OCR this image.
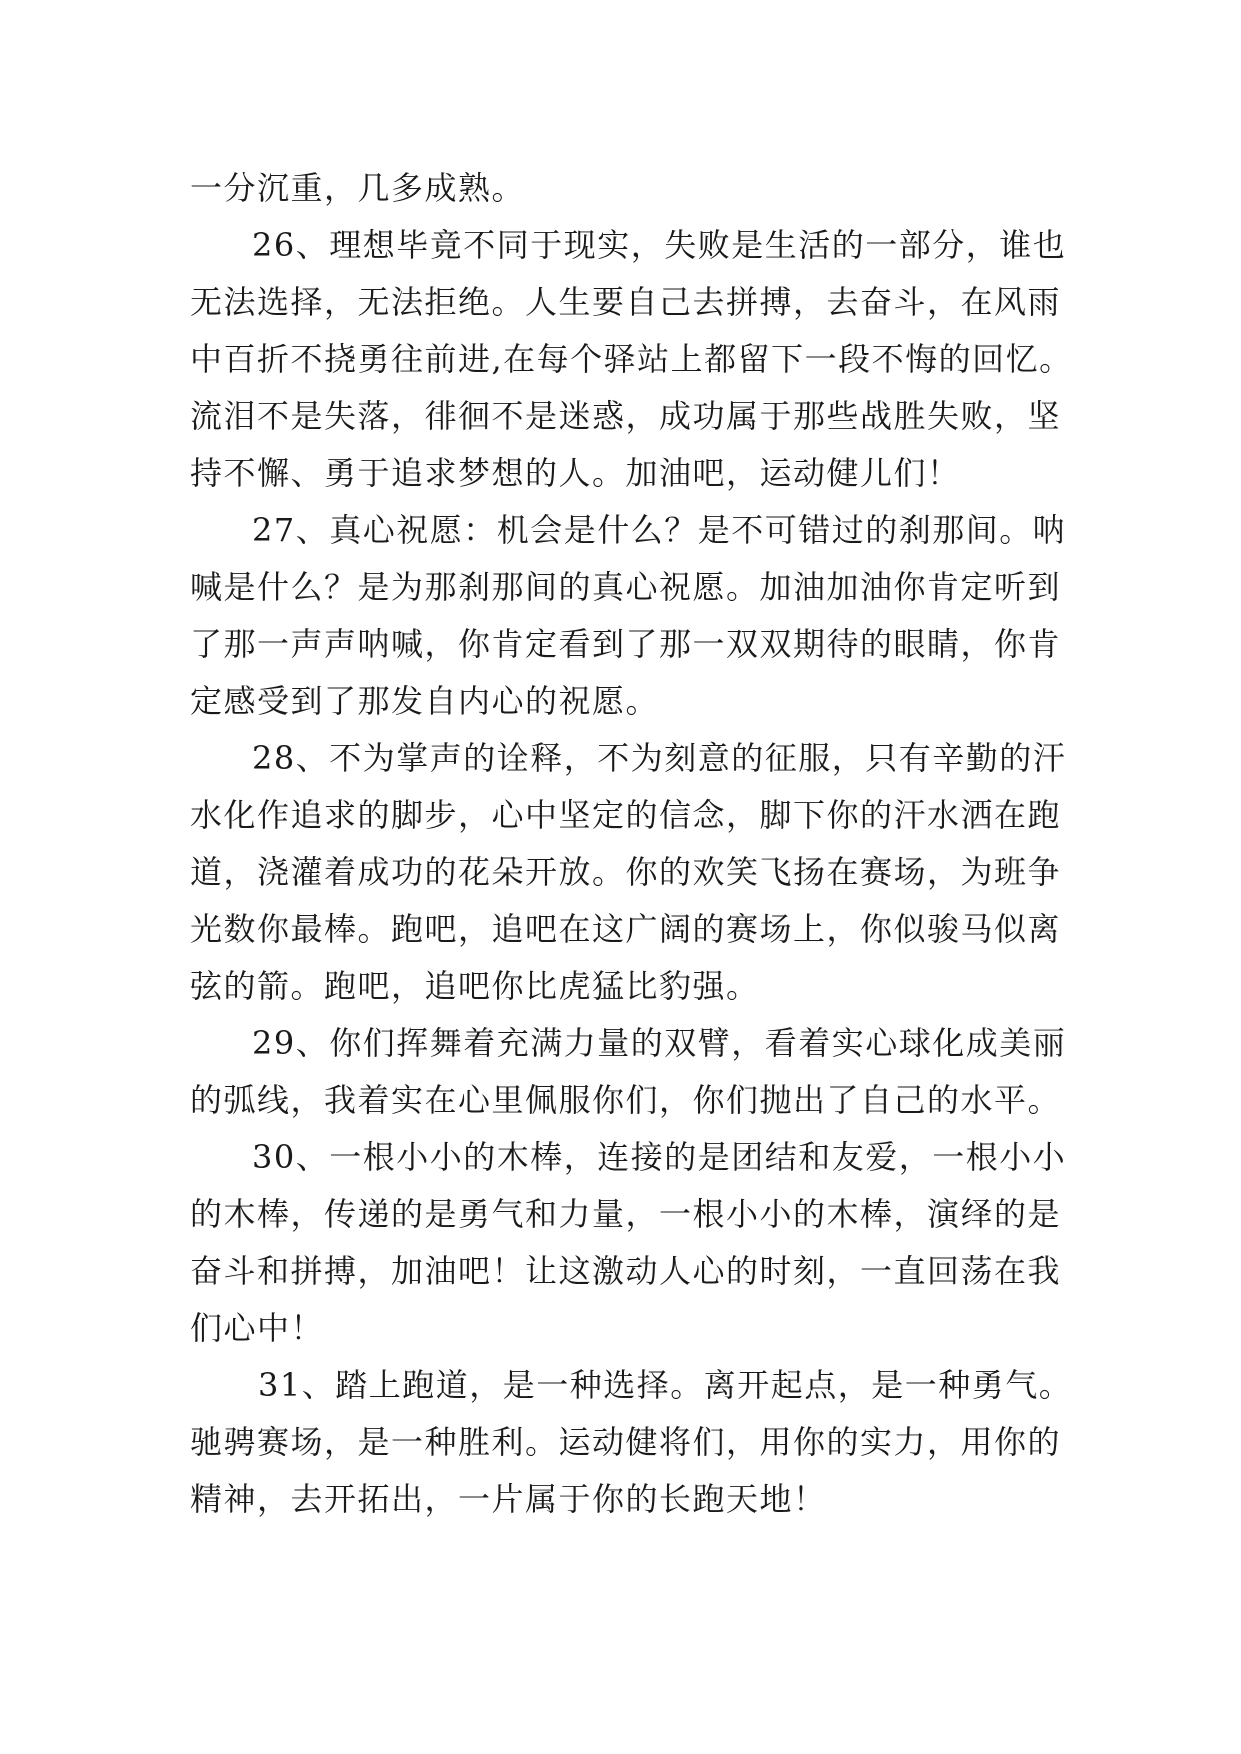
一分沉重，几多成熟。
26、理想毕竟不同于现实，失败是生活的一部分，谁也
无法选择，无法拒绝。人生要自己去拼搏，去奋斗，在风雨
中百折不挠勇往前进,在每个驿站上都留下一段不悔的回忆。
流泪不是失落，徘徊不是迷惑，成功属于那些战胜失败，坚
持不懈、勇于追求梦想的人。加油吧，运动健儿们！
27、真心祝愿：机会是什么？是不可错过的刹那间。呐
喊是什么？是为那刹那间的真心祝愿。加油加油你肯定听到
了那一声声呐喊，你肯定看到了那一双双期待的眼睛，你肯
定感受到了那发自内心的祝愿。
28、不为掌声的诠释，不为刻意的征服，只有辛勤的汗
水化作追求的脚步，心中坚定的信念，脚下你的汗水洒在跑
道，浇灌着成功的花朵开放。你的欢笑飞扬在赛场，为班争
光数你最棒。跑吧，追吧在这广阔的赛场上，你似骏马似离
弦的箭。跑吧，追吧你比虎猛比豹强。
29、你们挥舞着充满力量的双臂，看着实心球化成美丽
的弧线，我着实在心里佩服你们，你们抛出了自己的水平。
30、一根小小的木棒，连接的是团结和友爱，一根小小
的木棒，传递的是勇气和力量，一根小小的木棒，演绎的是
奋斗和拼搏，加油吧！让这激动人心的时刻，一直回荡在我
们心中！
31、踏上跑道，是一种选择。离开起点，是一种勇气。
驰骋赛场，是一种胜利。运动健将们，用你的实力，用你的
精神，去开拓出，一片属于你的长跑天地！
